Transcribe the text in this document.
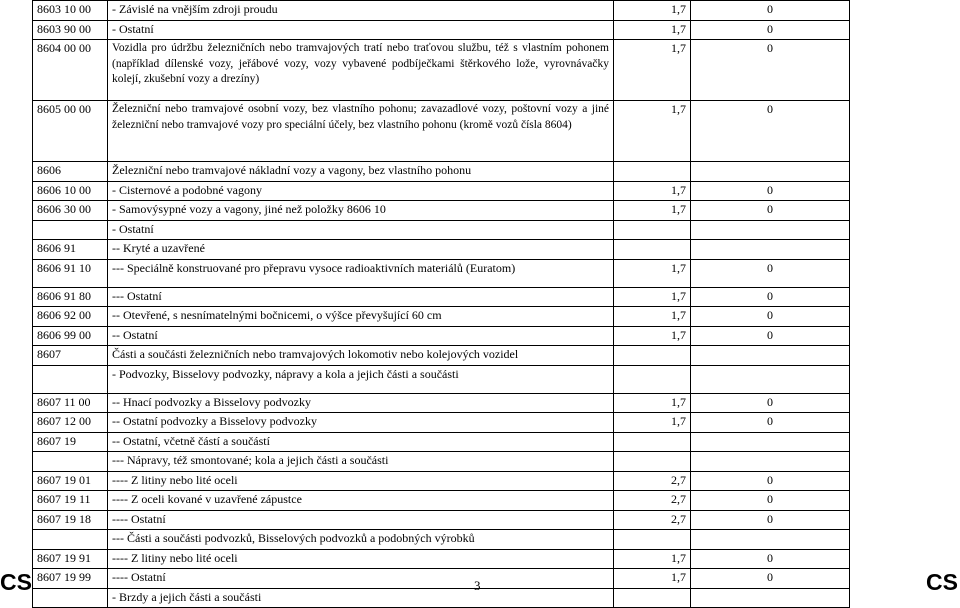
8603 10 00	- Závislé na vnějším zdroji proudu	1,7	0
8603 90 00	- Ostatní	1,7	0
8604 00 00	Vozidla pro údržbu železničních nebo tramvajových tratí nebo traťovou službu, též s vlastním pohonem (například dílenské vozy, jeřábové vozy, vozy vybavené podbíječkami štěrkového lože, vyrovnávačky kolejí, zkušební vozy a drezíny)	1,7	0
8605 00 00	Železniční nebo tramvajové osobní vozy, bez vlastního pohonu; zavazadlové vozy, poštovní vozy a jiné železniční nebo tramvajové vozy pro speciální účely, bez vlastního pohonu (kromě vozů čísla 8604)	1,7	0
8606	Železniční nebo tramvajové nákladní vozy a vagony, bez vlastního pohonu		
8606 10 00	- Cisternové a podobné vagony	1,7	0
8606 30 00	- Samovýsypné vozy a vagony, jiné než položky 8606 10	1,7	0
	- Ostatní		
8606 91	-- Kryté a uzavřené		
8606 91 10	--- Speciálně konstruované pro přepravu vysoce radioaktivních materiálů (Euratom)	1,7	0
8606 91 80	--- Ostatní	1,7	0
8606 92 00	-- Otevřené, s nesnímatelnými bočnicemi, o výšce převyšující 60 cm	1,7	0
8606 99 00	-- Ostatní	1,7	0
8607	Části a součásti železničních nebo tramvajových lokomotiv nebo kolejových vozidel		
	- Podvozky, Bisselovy podvozky, nápravy a kola a jejich části a součásti		
8607 11 00	-- Hnací podvozky a Bisselovy podvozky	1,7	0
8607 12 00	-- Ostatní podvozky a Bisselovy podvozky	1,7	0
8607 19	-- Ostatní, včetně částí a součástí		
	--- Nápravy, též smontované; kola a jejich části a součásti		
8607 19 01	---- Z litiny nebo lité oceli	2,7	0
8607 19 11	---- Z oceli kované v uzavřené zápustce	2,7	0
8607 19 18	---- Ostatní	2,7	0
	--- Části a součásti podvozků, Bisselových podvozků a podobných výrobků		
8607 19 91	---- Z litiny nebo lité oceli	1,7	0
8607 19 99	---- Ostatní	1,7	0
	- Brzdy a jejich části a součásti		
CS	3	CS
